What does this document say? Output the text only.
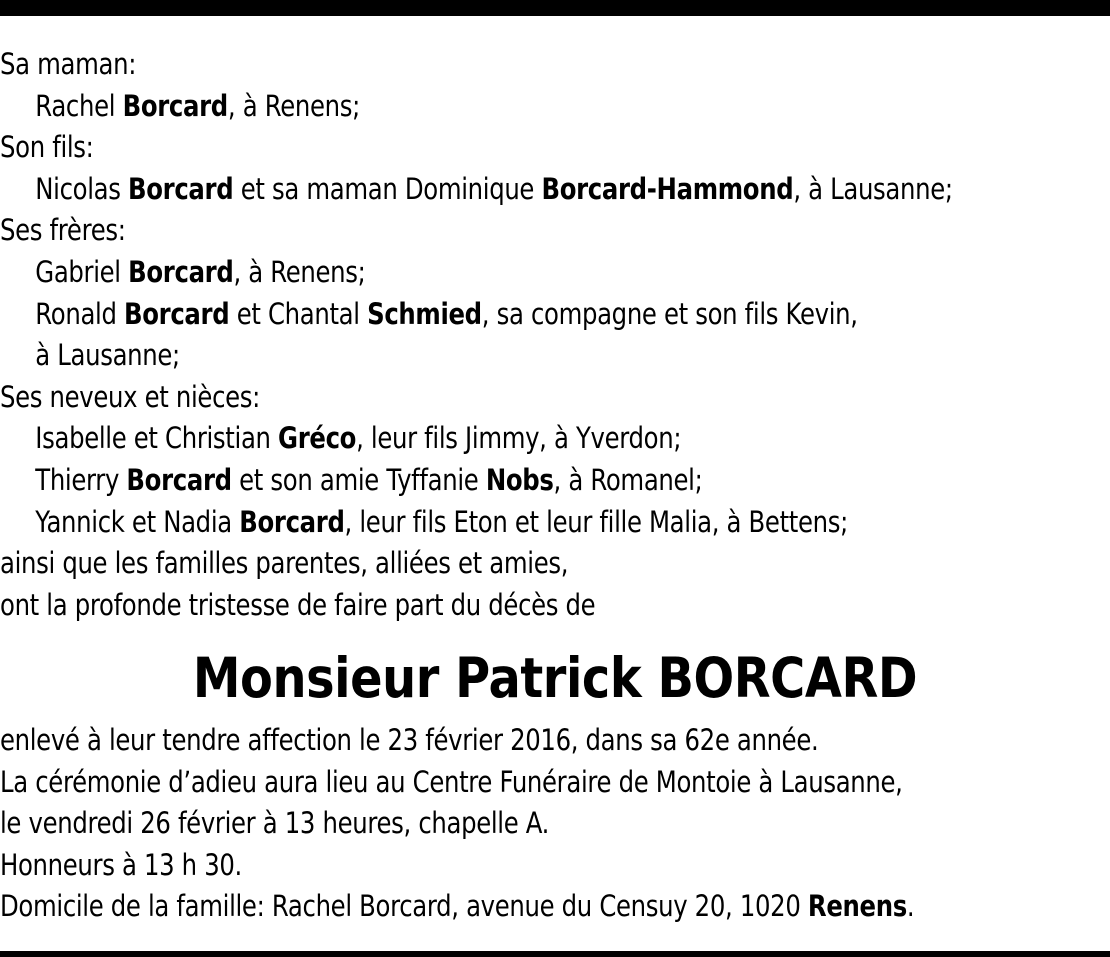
Sa maman:
Rachel Borcard, à Renens;
Son fils:
Nicolas Borcard et sa maman Dominique Borcard-Hammond, à Lausanne;
Ses frères:
Gabriel Borcard, à Renens;
Ronald Borcard et Chantal Schmied, sa compagne et son fils Kevin,
à Lausanne;
Ses neveux et nièces:
Isabelle et Christian Gréco, leur fils Jimmy, à Yverdon;
Thierry Borcard et son amie Tyffanie Nobs, à Romanel;
Yannick et Nadia Borcard, leur fils Eton et leur fille Malia, à Bettens;
ainsi que les familles parentes, alliées et amies,
ont la profonde tristesse de faire part du décès de
Monsieur Patrick BORCARD
enlevé à leur tendre affection le 23 février 2016, dans sa 62e année.
La cérémonie d’adieu aura lieu au Centre Funéraire de Montoie à Lausanne,
le vendredi 26 février à 13 heures, chapelle A.
Honneurs à 13 h 30.
Domicile de la famille: Rachel Borcard, avenue du Censuy 20, 1020 Renens.
